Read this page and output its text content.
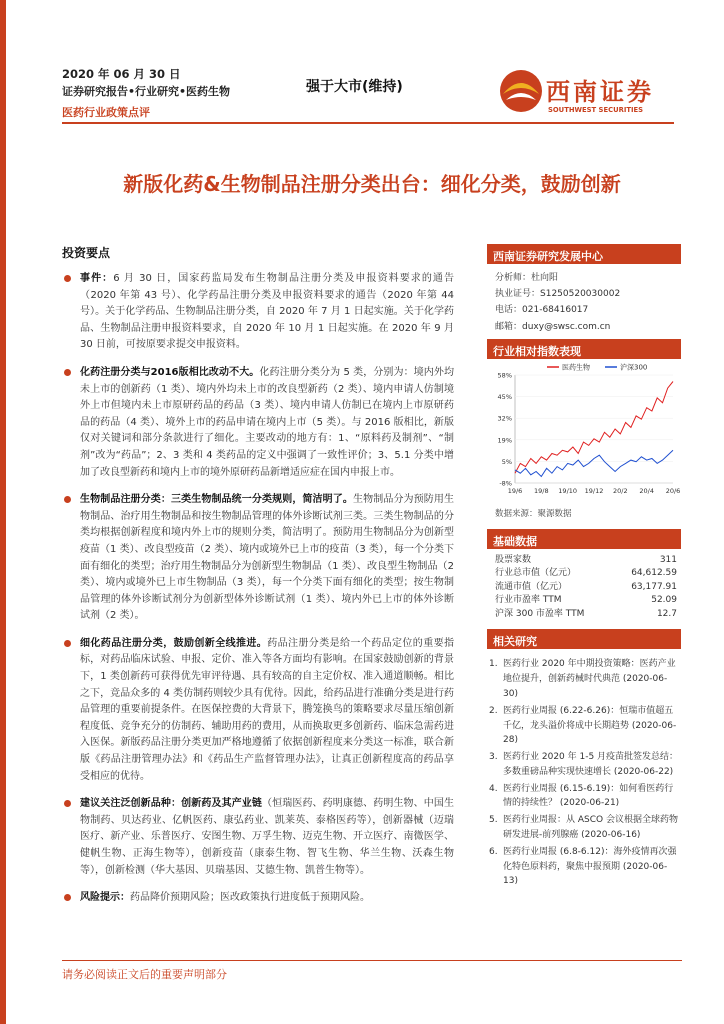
2020 年 06 月 30 日
证券研究报告•行业研究•医药生物
医药行业政策点评
强于大市(维持)	西南证券
SOUTHWEST SECURITIES
新版化药&生物制品注册分类出台：细化分类，鼓励创新
投资要点
事件：6 月 30 日，国家药监局发布生物制品注册分类及申报资料要求的通告（2020 年第 43 号）、化学药品注册分类及申报资料要求的通告（2020 年第 44 号）。关于化学药品、生物制品注册分类，自 2020 年 7 月 1 日起实施。关于化学药品、生物制品注册申报资料要求，自 2020 年 10 月 1 日起实施。在 2020 年 9 月 30 日前，可按原要求提交申报资料。
化药注册分类与2016版相比改动不大。化药注册分类分为 5 类，分别为：境内外均未上市的创新药（1 类）、境内外均未上市的改良型新药（2 类）、境内申请人仿制境外上市但境内未上市原研药品的药品（3 类）、境内申请人仿制已在境内上市原研药品的药品（4 类）、境外上市的药品申请在境内上市（5 类）。与 2016 版相比，新版仅对关键词和部分条款进行了细化。主要改动的地方有：1、“原料药及制剂”、“制剂”改为“药品”；2、3 类和 4 类药品的定义中强调了一致性评价；3、5.1 分类中增加了改良型新药和境内上市的境外原研药品新增适应症在国内申报上市。
生物制品注册分类：三类生物制品统一分类规则，简洁明了。生物制品分为预防用生物制品、治疗用生物制品和按生物制品管理的体外诊断试剂三类。三类生物制品的分类均根据创新程度和境内外上市的规则分类，简洁明了。预防用生物制品分为创新型疫苗（1 类）、改良型疫苗（2 类）、境内或境外已上市的疫苗（3 类），每一个分类下面有细化的类型；治疗用生物制品分为创新型生物制品（1 类）、改良型生物制品（2 类）、境内或境外已上市生物制品（3 类），每一个分类下面有细化的类型；按生物制品管理的体外诊断试剂分为创新型体外诊断试剂（1 类）、境内外已上市的体外诊断试剂（2 类）。
细化药品注册分类，鼓励创新全线推进。药品注册分类是给一个药品定位的重要指标，对药品临床试验、申报、定价、准入等各方面均有影响。在国家鼓励创新的背景下，1 类创新药可获得优先审评待遇、具有较高的自主定价权、准入通道顺畅。相比之下，竞品众多的 4 类仿制药则较少具有优待。因此，给药品进行准确分类是进行药品管理的重要前提条件。在医保控费的大背景下，腾笼换鸟的策略要求尽量压缩创新程度低、竞争充分的仿制药、辅助用药的费用，从而换取更多创新药、临床急需药进入医保。新版药品注册分类更加严格地遵循了依据创新程度来分类这一标准，联合新版《药品注册管理办法》和《药品生产监督管理办法》，让真正创新程度高的药品享受相应的优待。
建议关注泛创新品种：创新药及其产业链（恒瑞医药、药明康德、药明生物、中国生物制药、贝达药业、亿帆医药、康弘药业、凯莱英、泰格医药等），创新器械（迈瑞医疗、新产业、乐普医疗、安图生物、万孚生物、迈克生物、开立医疗、南微医学、健帆生物、正海生物等），创新疫苗（康泰生物、智飞生物、华兰生物、沃森生物等），创新检测（华大基因、贝瑞基因、艾德生物、凯普生物等）。
风险提示：药品降价预期风险；医改政策执行进度低于预期风险。
西南证券研究发展中心
分析师：杜向阳
执业证号：S1250520030002
电话：021-68416017
邮箱：duxy@swsc.com.cn
行业相对指数表现
58%
45%
32%
19%
5%
-8%
19/6 19/8 19/10 19/12 20/2 20/4 20/6
医药生物	沪深300
数据来源：聚源数据
基础数据
股票家数	311
行业总市值（亿元）	64,612.59
流通市值（亿元）	63,177.91
行业市盈率 TTM	52.09
沪深 300 市盈率 TTM	12.7
相关研究
1. 医药行业 2020 年中期投资策略：医药产业地位提升，创新药械时代典范 (2020-06-30)
2. 医药行业周报 (6.22-6.26)：恒瑞市值超五千亿，龙头溢价将成中长期趋势 (2020-06-28)
3. 医药行业 2020 年 1-5 月疫苗批签发总结：多数重磅品种实现快速增长 (2020-06-22)
4. 医药行业周报 (6.15-6.19)：如何看医药行情的持续性？ (2020-06-21)
5. 医药行业周报：从 ASCO 会议根据全球药物研发进展-前列腺癌 (2020-06-16)
6. 医药行业周报 (6.8-6.12)：海外疫情再次强化特色原料药，聚焦中报预期 (2020-06-13)
请务必阅读正文后的重要声明部分
